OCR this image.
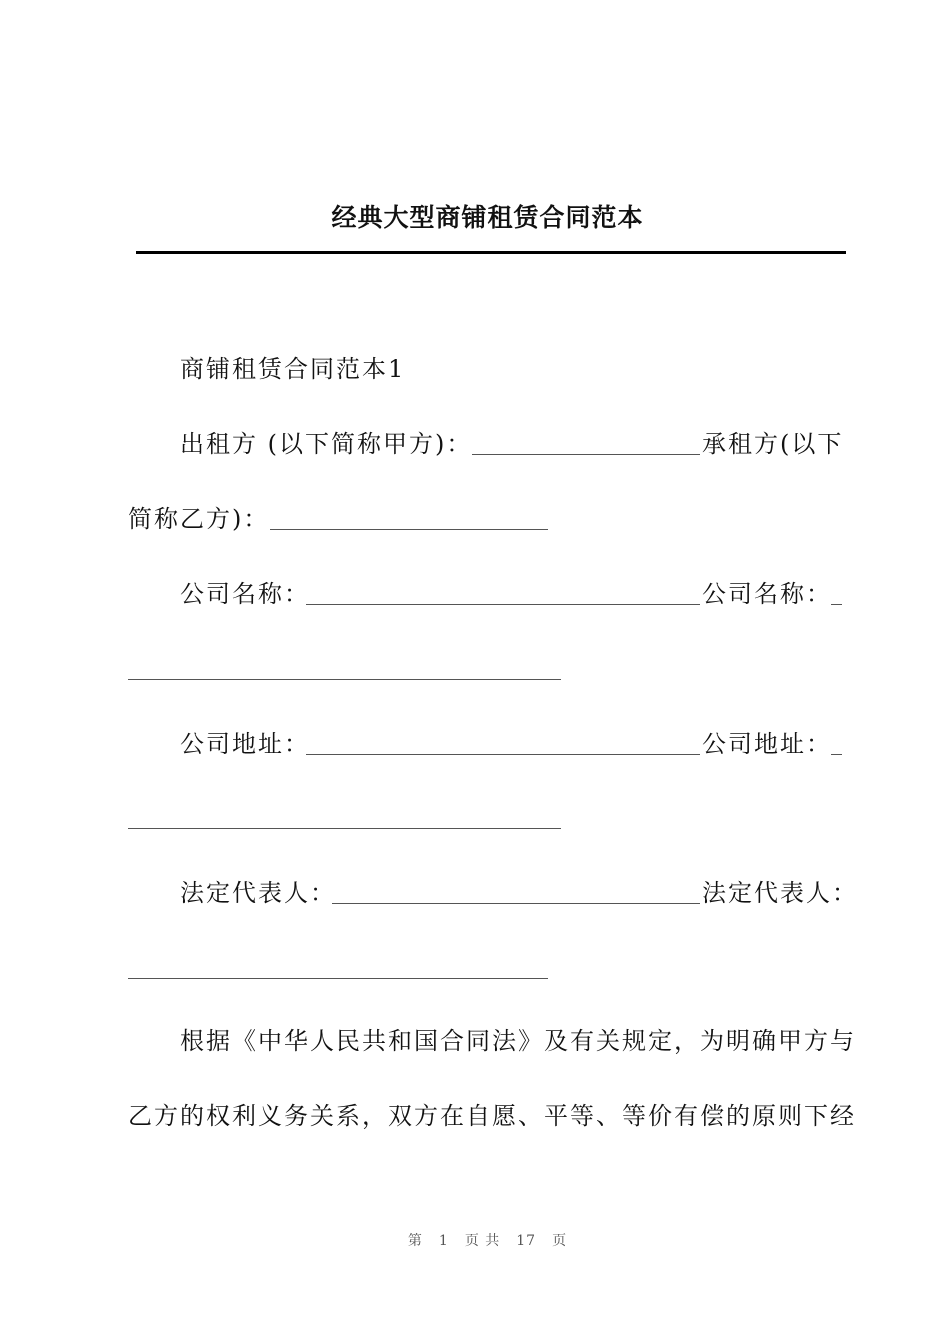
经典大型商铺租赁合同范本
商铺租赁合同范本1
出租方 (以下简称甲方)：	承租方(以下
简称乙方)：
公司名称：	公司名称：
公司地址：	公司地址：
法定代表人：	法定代表人：
根据《中华人民共和国合同法》及有关规定，为明确甲方与
乙方的权利义务关系，双方在自愿、平等、等价有偿的原则下经
第 1 页 共 17 页
